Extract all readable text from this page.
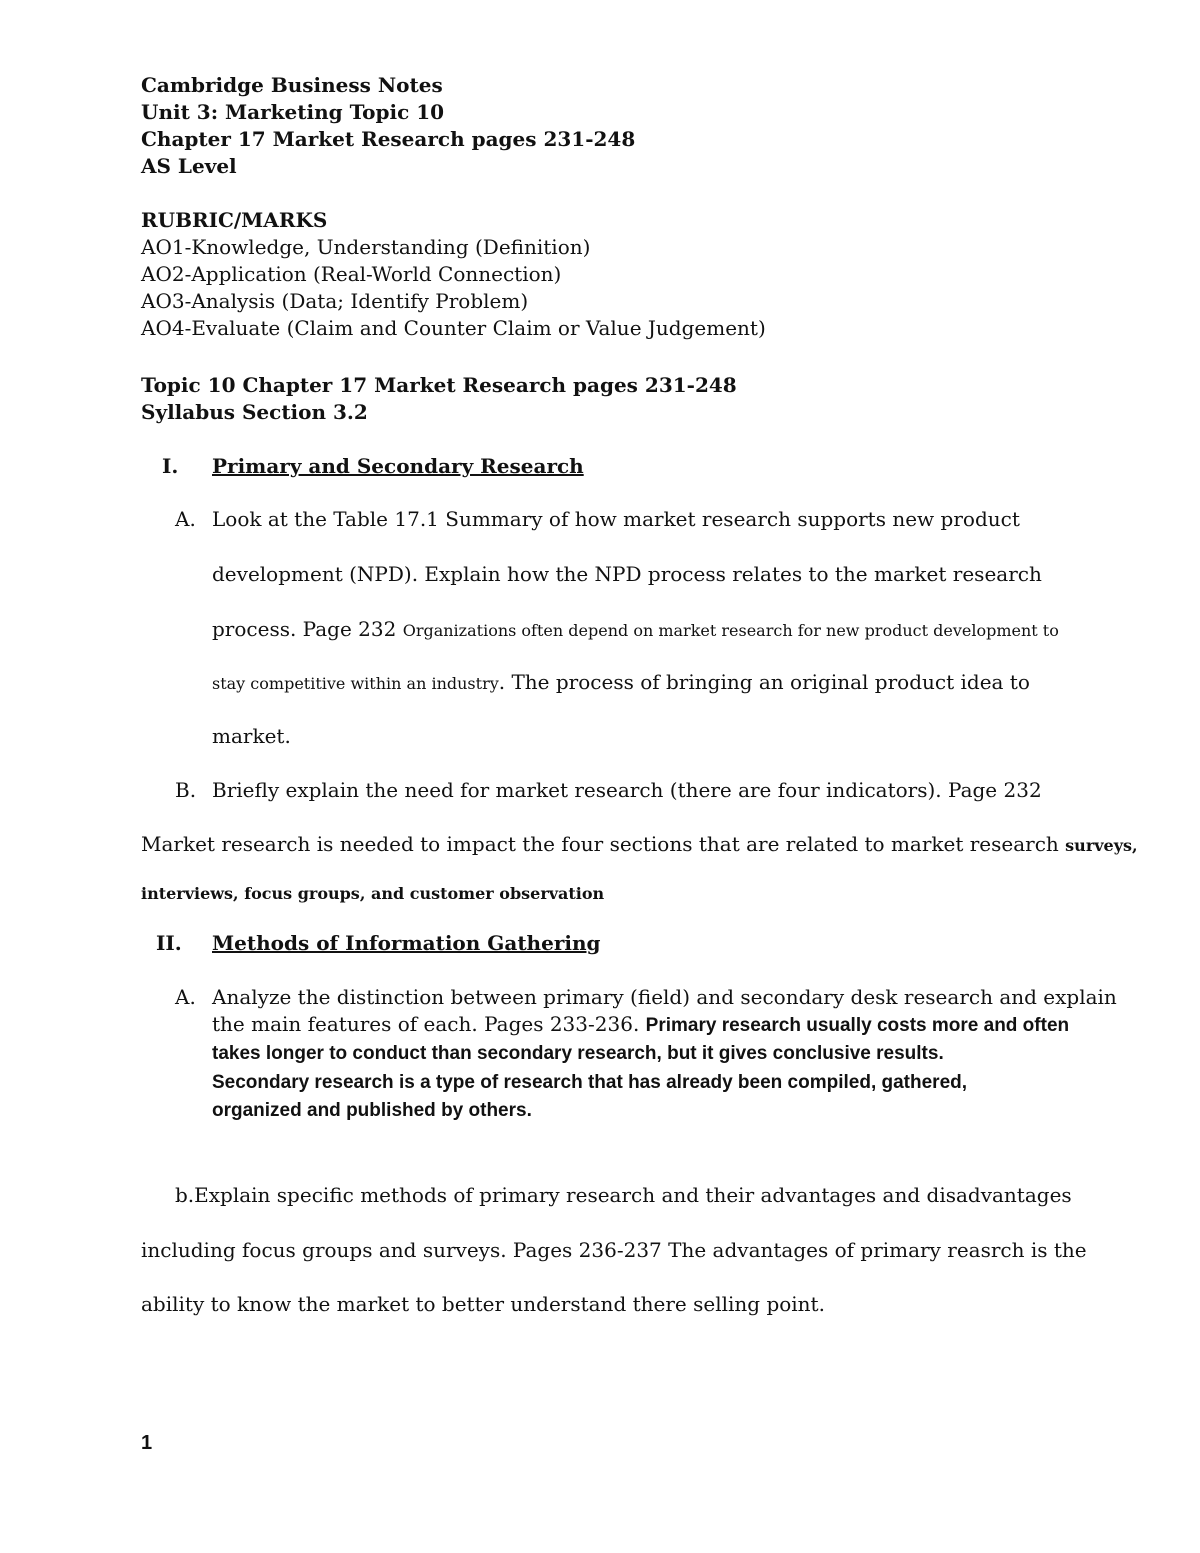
Cambridge Business Notes
Unit 3: Marketing Topic 10
Chapter 17 Market Research pages 231-248
AS Level
RUBRIC/MARKS
AO1-Knowledge, Understanding (Definition)
AO2-Application (Real-World Connection)
AO3-Analysis (Data; Identify Problem)
AO4-Evaluate (Claim and Counter Claim or Value Judgement)
Topic 10 Chapter 17 Market Research pages 231-248
Syllabus Section 3.2
I. Primary and Secondary Research
A. Look at the Table 17.1 Summary of how market research supports new product
development (NPD). Explain how the NPD process relates to the market research
process. Page 232 Organizations often depend on market research for new product development to
stay competitive within an industry. The process of bringing an original product idea to
market.
B. Briefly explain the need for market research (there are four indicators). Page 232
Market research is needed to impact the four sections that are related to market research surveys,
interviews, focus groups, and customer observation
II. Methods of Information Gathering
A. Analyze the distinction between primary (field) and secondary desk research and explain
the main features of each. Pages 233-236. Primary research usually costs more and often
takes longer to conduct than secondary research, but it gives conclusive results.
Secondary research is a type of research that has already been compiled, gathered,
organized and published by others.
b.Explain specific methods of primary research and their advantages and disadvantages
including focus groups and surveys. Pages 236-237 The advantages of primary reasrch is the
ability to know the market to better understand there selling point.
1
